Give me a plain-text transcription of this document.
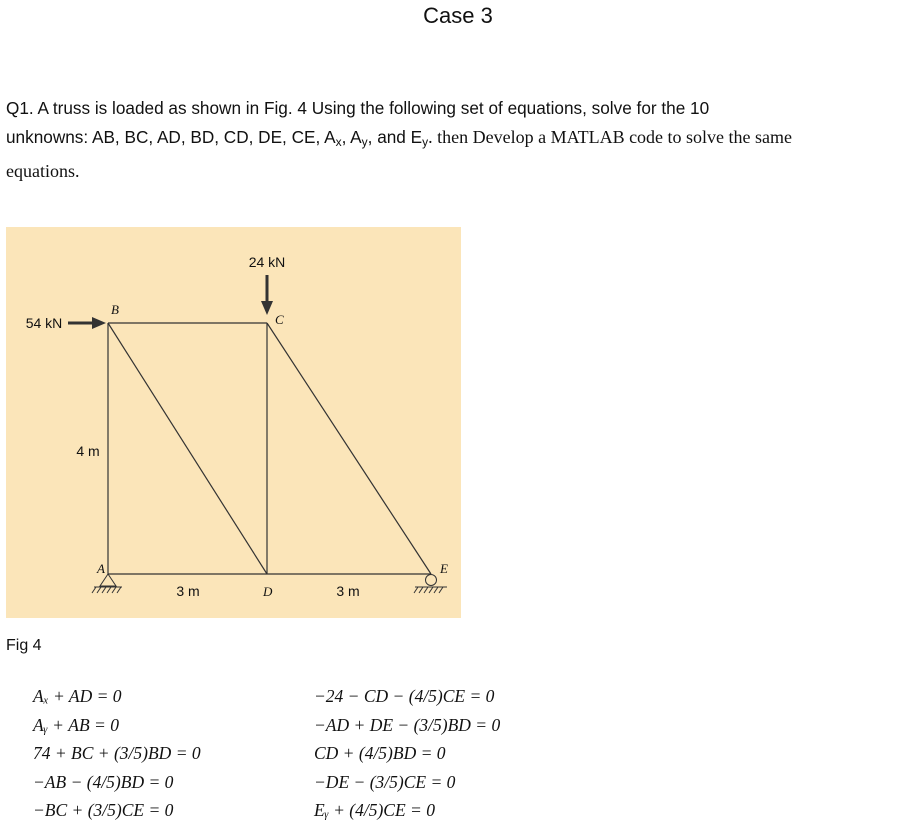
Case 3
Q1. A truss is loaded as shown in Fig. 4 Using the following set of equations, solve for the 10
unknowns: AB, BC, AD, BD, CD, DE, CE, Ax, Ay, and Ey. then Develop a MATLAB code to solve the same
equations.
24 kN
54 kN
4 m
3 m	3 m
A
B
C
D
E
Fig 4
Aₓ + AD = 0
Aᵧ + AB = 0
74 + BC + (3/5)BD = 0
−AB − (4/5)BD = 0
−BC + (3/5)CE = 0
−24 − CD − (4/5)CE = 0
−AD + DE − (3/5)BD = 0
CD + (4/5)BD = 0
−DE − (3/5)CE = 0
Eᵧ + (4/5)CE = 0
